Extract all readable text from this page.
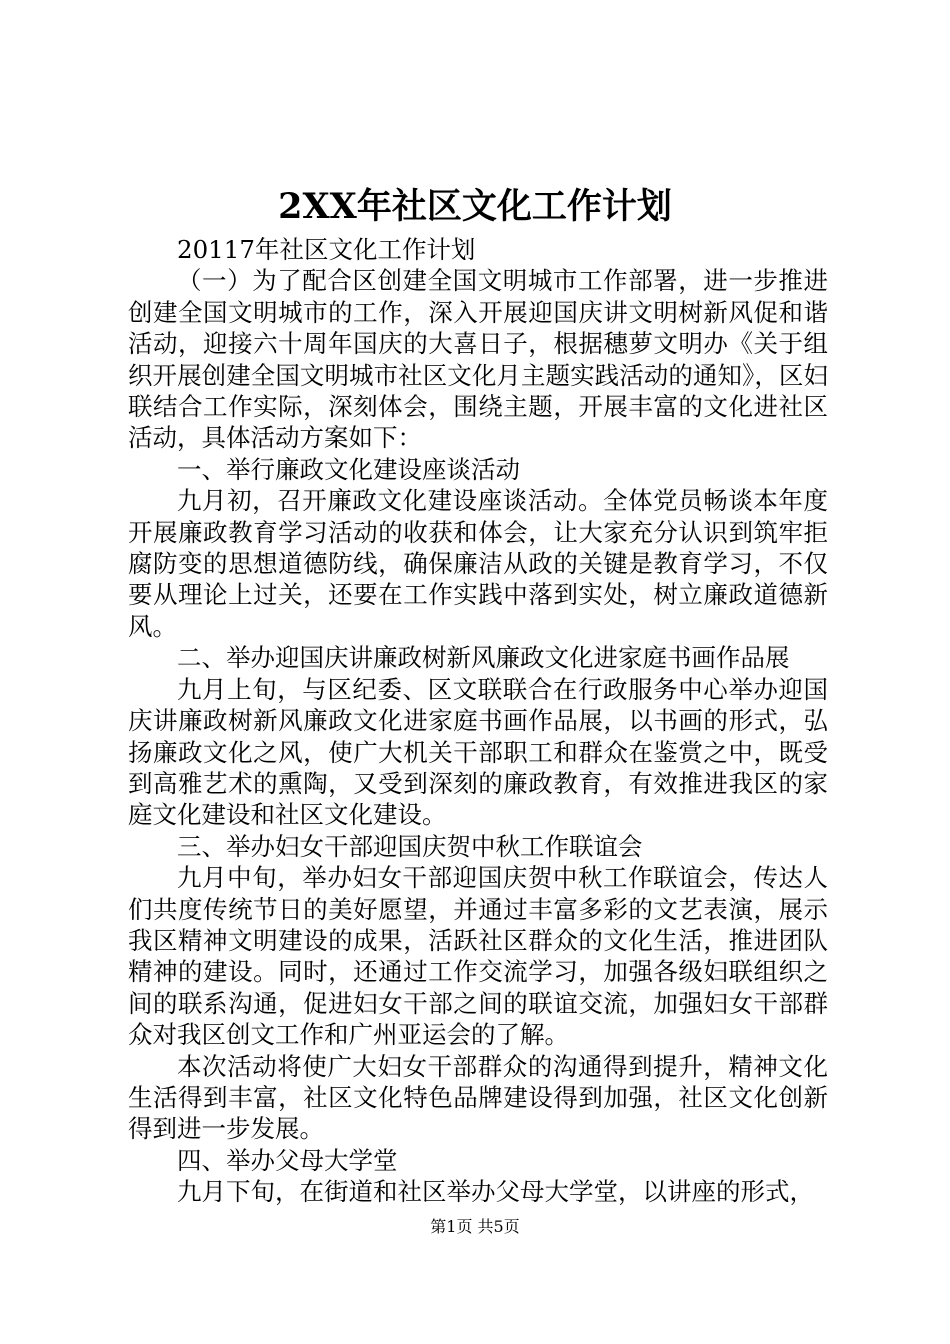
2XX年社区文化工作计划

20117年社区文化工作计划

（一）为了配合区创建全国文明城市工作部署，进一步推进创建全国文明城市的工作，深入开展迎国庆讲文明树新风促和谐活动，迎接六十周年国庆的大喜日子，根据穗萝文明办《关于组织开展创建全国文明城市社区文化月主题实践活动的通知》，区妇联结合工作实际，深刻体会，围绕主题，开展丰富的文化进社区活动，具体活动方案如下：

一、举行廉政文化建设座谈活动

九月初，召开廉政文化建设座谈活动。全体党员畅谈本年度开展廉政教育学习活动的收获和体会，让大家充分认识到筑牢拒腐防变的思想道德防线，确保廉洁从政的关键是教育学习，不仅要从理论上过关，还要在工作实践中落到实处，树立廉政道德新风。

二、举办迎国庆讲廉政树新风廉政文化进家庭书画作品展

九月上旬，与区纪委、区文联联合在行政服务中心举办迎国庆讲廉政树新风廉政文化进家庭书画作品展，以书画的形式，弘扬廉政文化之风，使广大机关干部职工和群众在鉴赏之中，既受到高雅艺术的熏陶，又受到深刻的廉政教育，有效推进我区的家庭文化建设和社区文化建设。

三、举办妇女干部迎国庆贺中秋工作联谊会

九月中旬，举办妇女干部迎国庆贺中秋工作联谊会，传达人们共度传统节日的美好愿望，并通过丰富多彩的文艺表演，展示我区精神文明建设的成果，活跃社区群众的文化生活，推进团队精神的建设。同时，还通过工作交流学习，加强各级妇联组织之间的联系沟通，促进妇女干部之间的联谊交流，加强妇女干部群众对我区创文工作和广州亚运会的了解。

本次活动将使广大妇女干部群众的沟通得到提升，精神文化生活得到丰富，社区文化特色品牌建设得到加强，社区文化创新得到进一步发展。

四、举办父母大学堂

九月下旬，在街道和社区举办父母大学堂，以讲座的形式，

第1页 共5页
